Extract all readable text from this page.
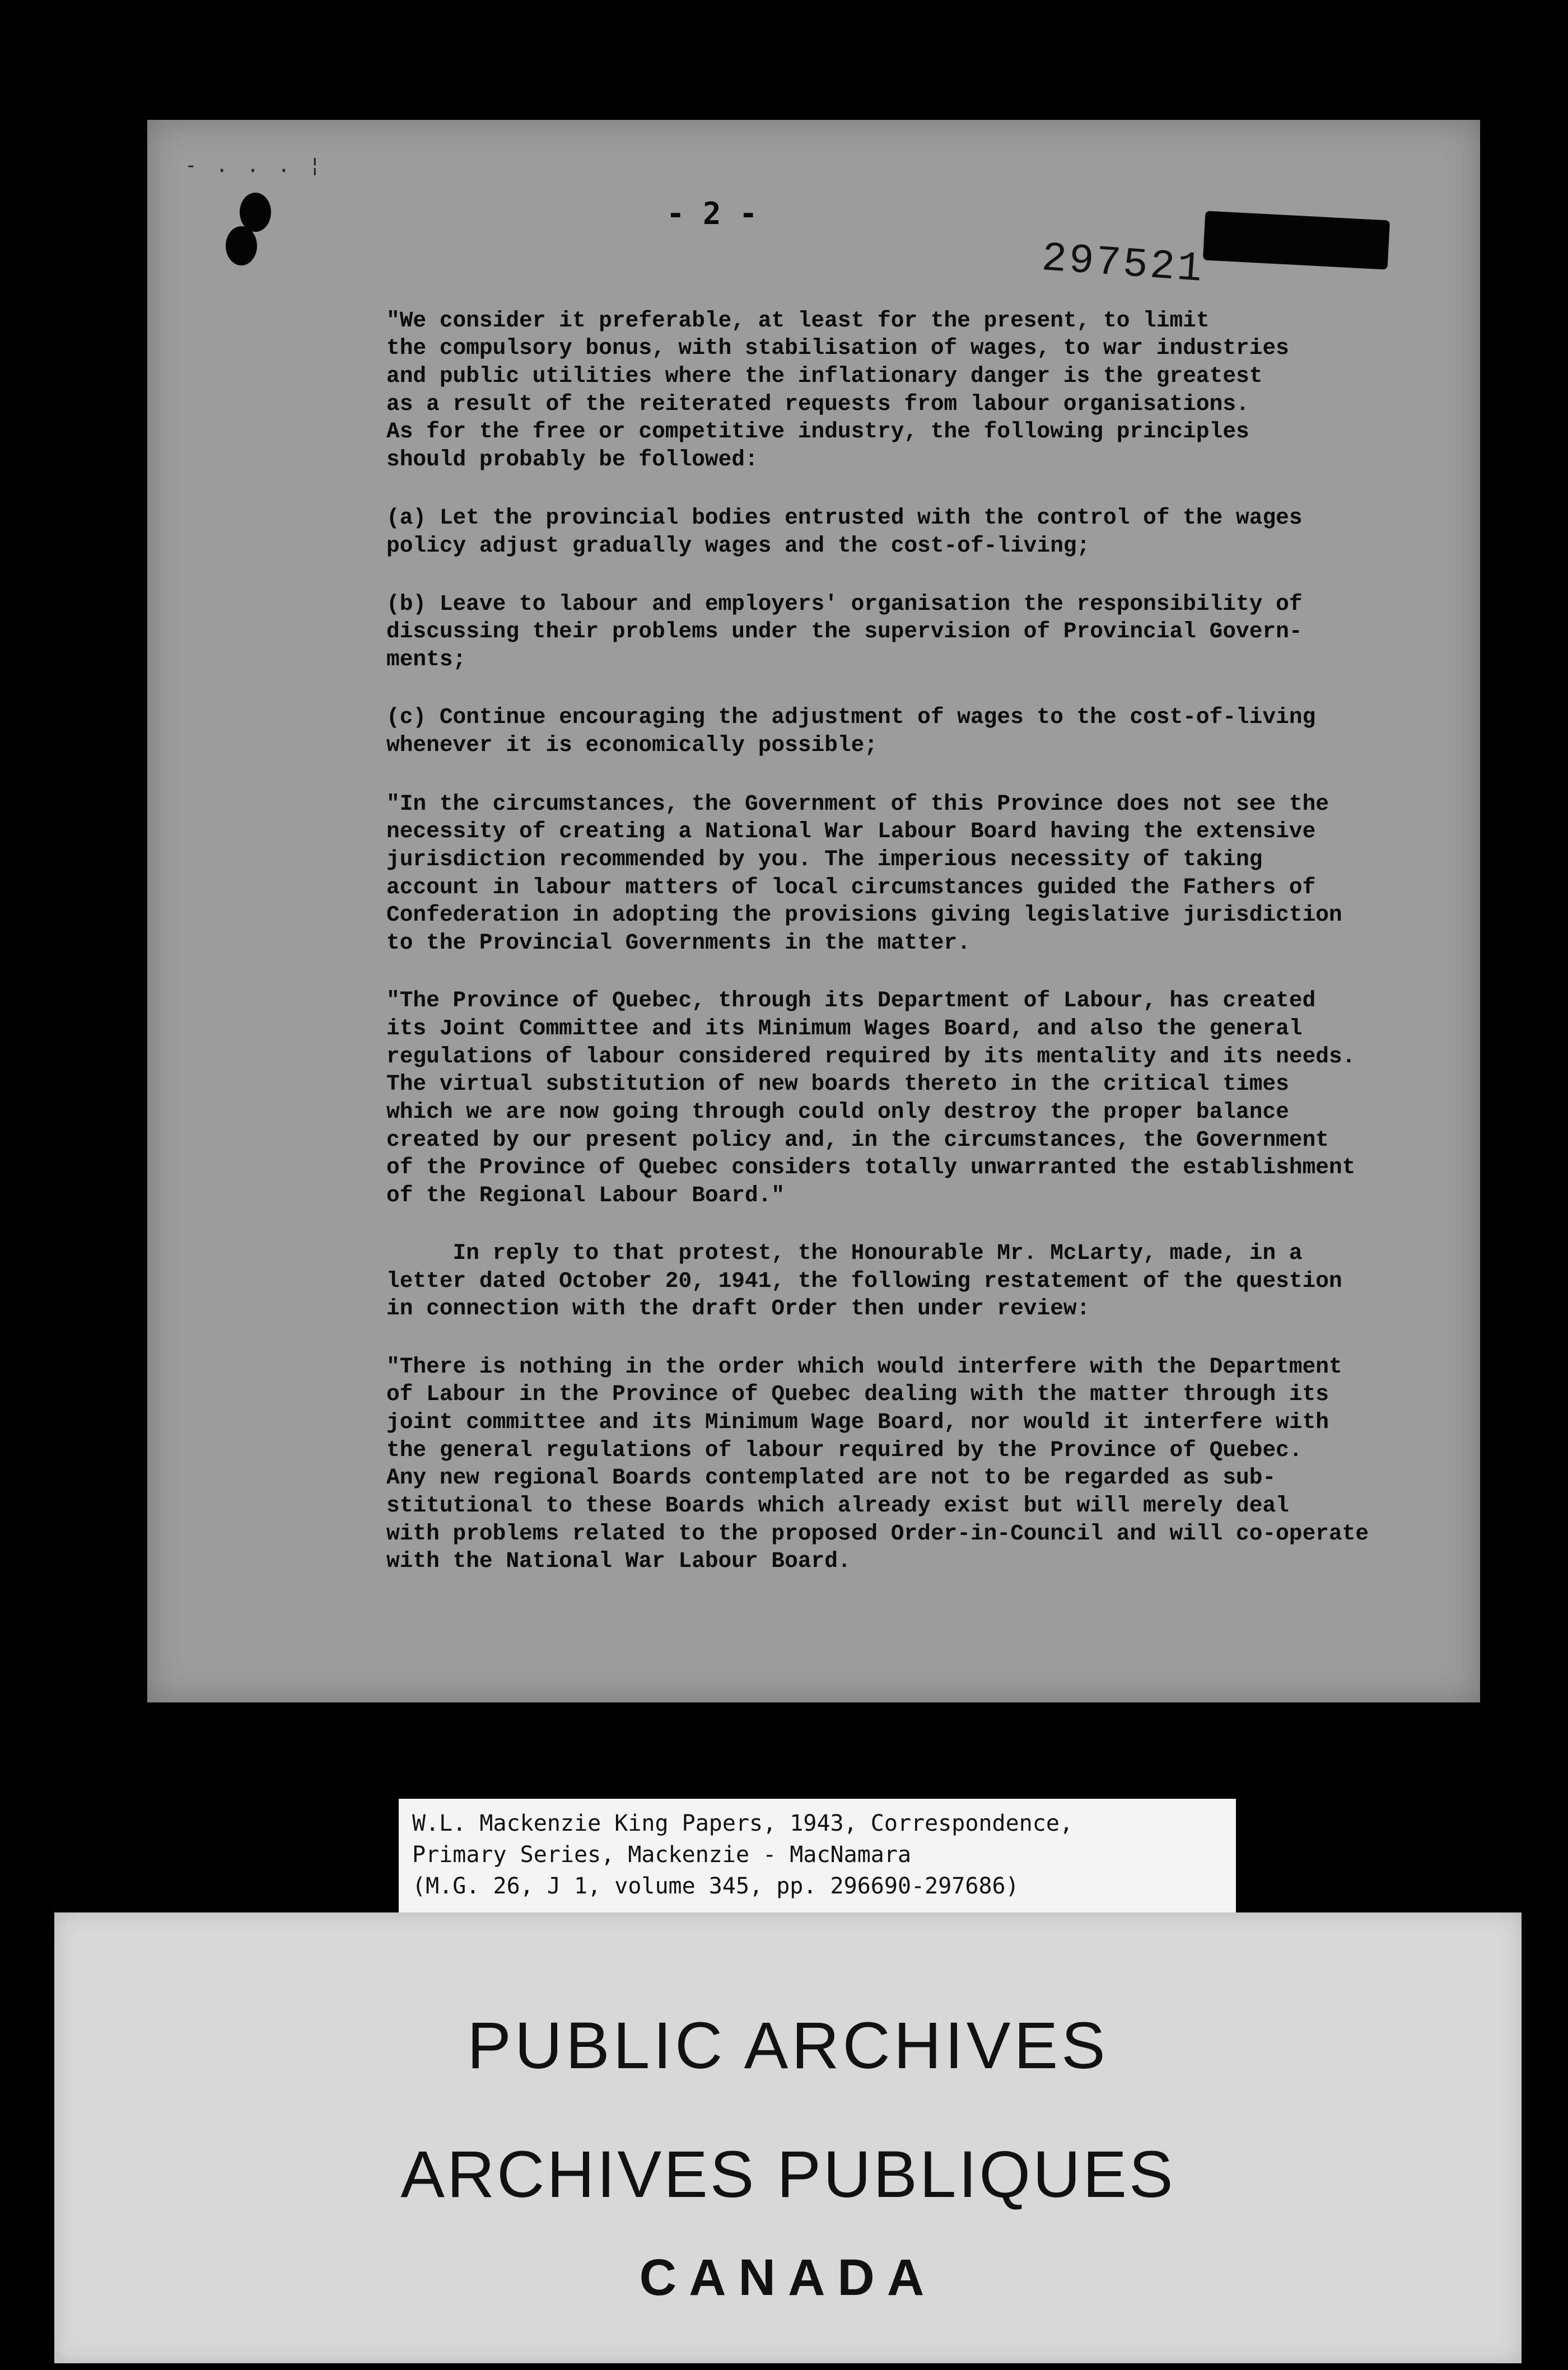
- . . . ¦
- 2 -
297521

"We consider it preferable, at least for the present, to limit

the compulsory bonus, with stabilisation of wages, to war industries

and public utilities where the inflationary danger is the greatest

as a result of the reiterated requests from labour organisations.

As for the free or competitive industry, the following principles

should probably be followed:

(a) Let the provincial bodies entrusted with the control of the wages

policy adjust gradually wages and the cost-of-living;

(b) Leave to labour and employers' organisation the responsibility of

discussing their problems under the supervision of Provincial Govern-

ments;

(c) Continue encouraging the adjustment of wages to the cost-of-living

whenever it is economically possible;

"In the circumstances, the Government of this Province does not see the

necessity of creating a National War Labour Board having the extensive

jurisdiction recommended by you. The imperious necessity of taking

account in labour matters of local circumstances guided the Fathers of

Confederation in adopting the provisions giving legislative jurisdiction

to the Provincial Governments in the matter.

"The Province of Quebec, through its Department of Labour, has created

its Joint Committee and its Minimum Wages Board, and also the general

regulations of labour considered required by its mentality and its needs.

The virtual substitution of new boards thereto in the critical times

which we are now going through could only destroy the proper balance

created by our present policy and, in the circumstances, the Government

of the Province of Quebec considers totally unwarranted the establishment

of the Regional Labour Board."

In reply to that protest, the Honourable Mr. McLarty, made, in a

letter dated October 20, 1941, the following restatement of the question

in connection with the draft Order then under review:

"There is nothing in the order which would interfere with the Department

of Labour in the Province of Quebec dealing with the matter through its

joint committee and its Minimum Wage Board, nor would it interfere with

the general regulations of labour required by the Province of Quebec.

Any new regional Boards contemplated are not to be regarded as sub-

stitutional to these Boards which already exist but will merely deal

with problems related to the proposed Order-in-Council and will co-operate

with the National War Labour Board.

W.L. Mackenzie King Papers, 1943, Correspondence,
Primary Series, Mackenzie - MacNamara
(M.G. 26, J 1, volume 345, pp. 296690-297686)
PUBLIC ARCHIVES
ARCHIVES PUBLIQUES
CANADA
